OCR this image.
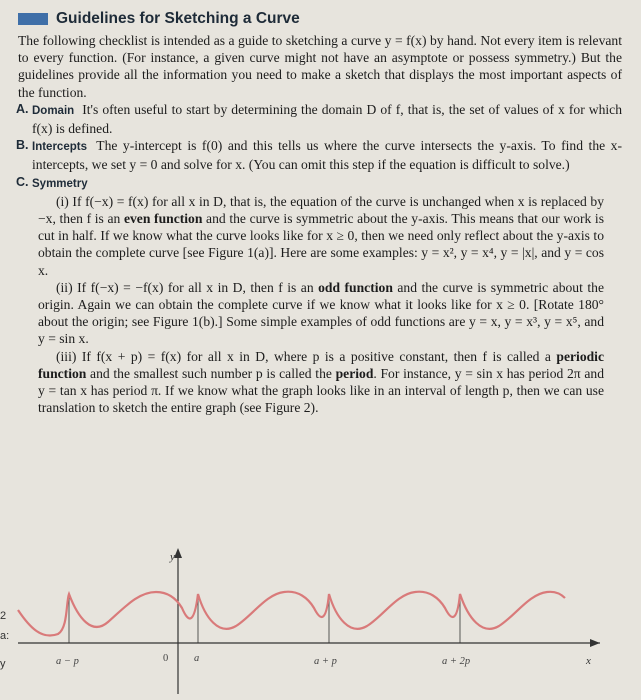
2
a:
y
Guidelines for Sketching a Curve
The following checklist is intended as a guide to sketching a curve y = f(x) by hand. Not every item is relevant to every function. (For instance, a given curve might not have an asymptote or possess symmetry.) But the guidelines provide all the information you need to make a sketch that displays the most important aspects of the function.
A. Domain It's often useful to start by determining the domain D of f, that is, the set of values of x for which f(x) is defined.
B. Intercepts The y-intercept is f(0) and this tells us where the curve intersects the y-axis. To find the x-intercepts, we set y = 0 and solve for x. (You can omit this step if the equation is difficult to solve.)
C. Symmetry
(i) If f(−x) = f(x) for all x in D, that is, the equation of the curve is unchanged when x is replaced by −x, then f is an even function and the curve is symmetric about the y-axis. This means that our work is cut in half. If we know what the curve looks like for x ≥ 0, then we need only reflect about the y-axis to obtain the complete curve [see Figure 1(a)]. Here are some examples: y = x², y = x⁴, y = |x|, and y = cos x.
(ii) If f(−x) = −f(x) for all x in D, then f is an odd function and the curve is symmetric about the origin. Again we can obtain the complete curve if we know what it looks like for x ≥ 0. [Rotate 180° about the origin; see Figure 1(b).] Some simple examples of odd functions are y = x, y = x³, y = x⁵, and y = sin x.
(iii) If f(x + p) = f(x) for all x in D, where p is a positive constant, then f is called a periodic function and the smallest such number p is called the period. For instance, y = sin x has period 2π and y = tan x has period π. If we know what the graph looks like in an interval of length p, then we can use translation to sketch the entire graph (see Figure 2).
y
x
a − p	0 a	a + p	a + 2p
